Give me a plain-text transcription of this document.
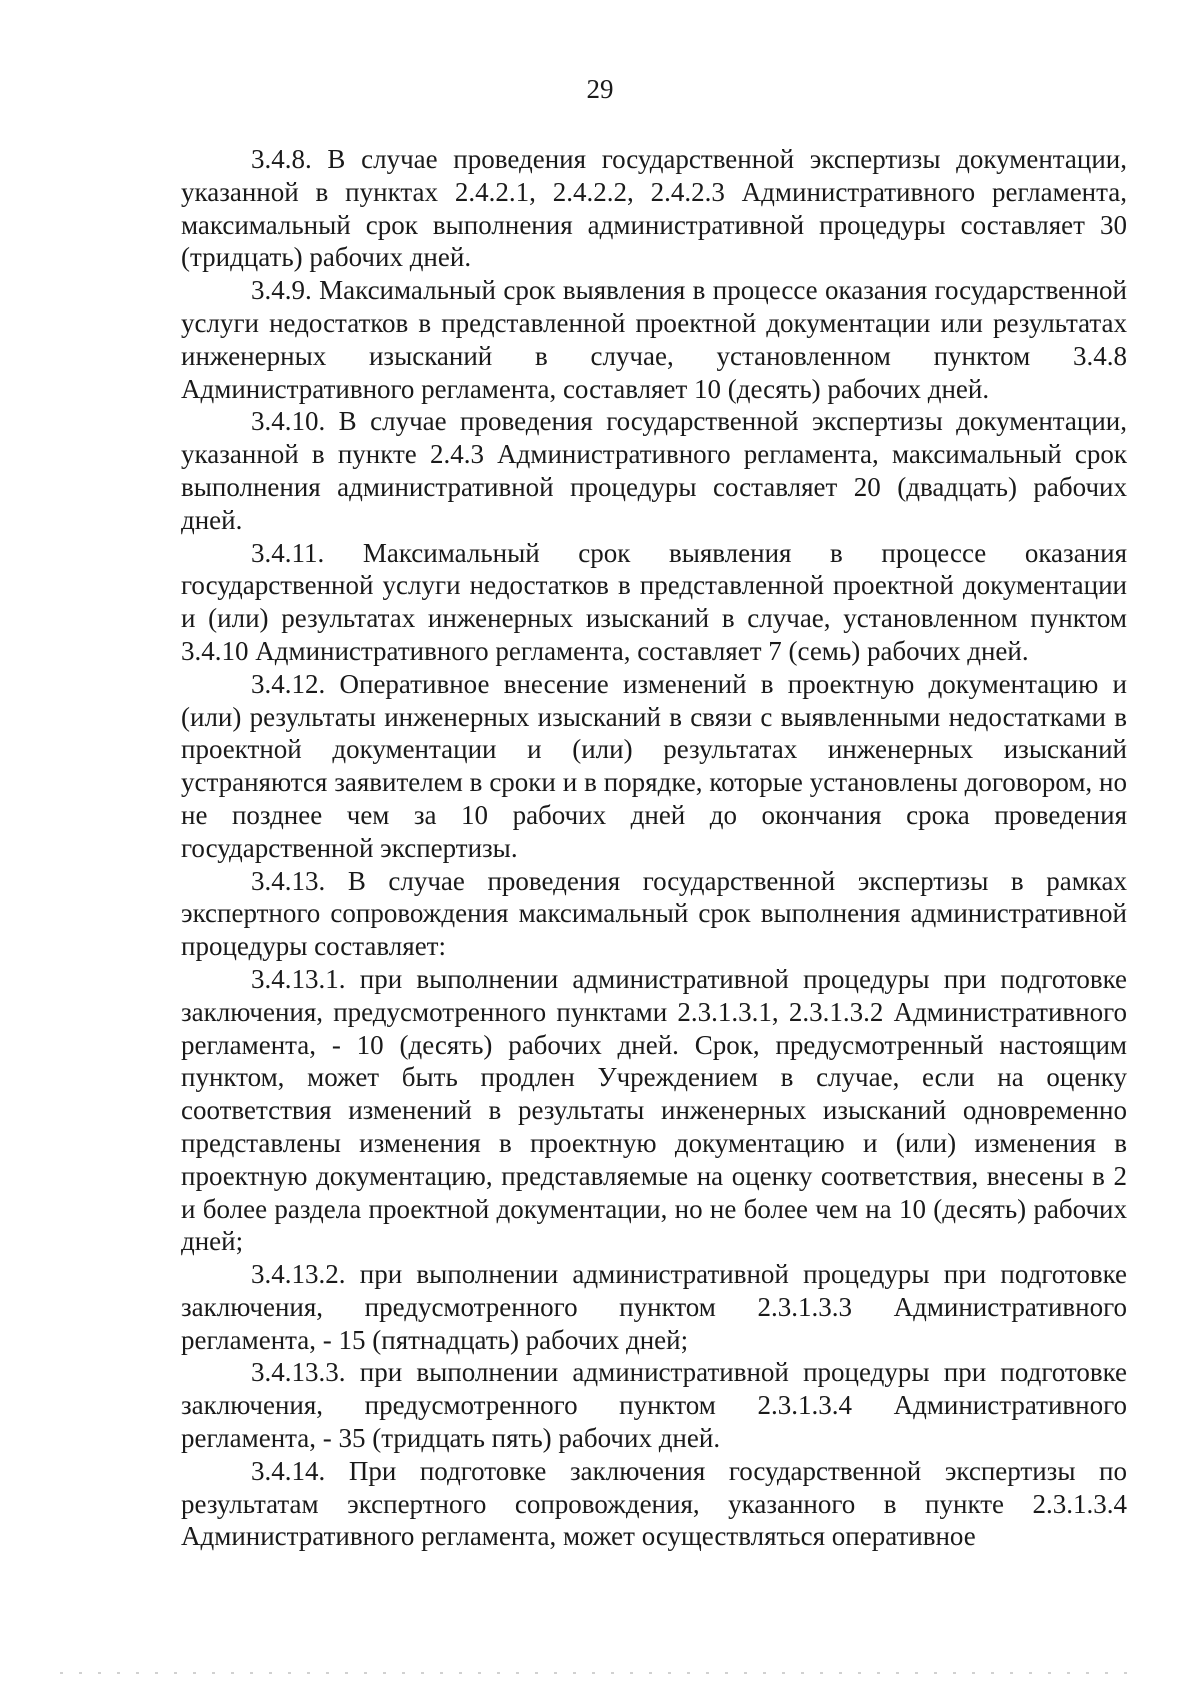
29

3.4.8. В случае проведения государственной экспертизы документации, указанной в пунктах 2.4.2.1, 2.4.2.2, 2.4.2.3 Административного регламента, максимальный срок выполнения административной процедуры составляет 30 (тридцать) рабочих дней.

3.4.9. Максимальный срок выявления в процессе оказания государственной услуги недостатков в представленной проектной документации или результатах инженерных изысканий в случае, установленном пунктом 3.4.8 Административного регламента, составляет 10 (десять) рабочих дней.

3.4.10. В случае проведения государственной экспертизы документации, указанной в пункте 2.4.3 Административного регламента, максимальный срок выполнения административной процедуры составляет 20 (двадцать) рабочих дней.

3.4.11. Максимальный срок выявления в процессе оказания государственной услуги недостатков в представленной проектной документации и (или) результатах инженерных изысканий в случае, установленном пунктом 3.4.10 Административного регламента, составляет 7 (семь) рабочих дней.

3.4.12. Оперативное внесение изменений в проектную документацию и (или) результаты инженерных изысканий в связи с выявленными недостатками в проектной документации и (или) результатах инженерных изысканий устраняются заявителем в сроки и в порядке, которые установлены договором, но не позднее чем за 10 рабочих дней до окончания срока проведения государственной экспертизы.

3.4.13. В случае проведения государственной экспертизы в рамках экспертного сопровождения максимальный срок выполнения административной процедуры составляет:

3.4.13.1. при выполнении административной процедуры при подготовке заключения, предусмотренного пунктами 2.3.1.3.1, 2.3.1.3.2 Административного регламента, - 10 (десять) рабочих дней. Срок, предусмотренный настоящим пунктом, может быть продлен Учреждением в случае, если на оценку соответствия изменений в результаты инженерных изысканий одновременно представлены изменения в проектную документацию и (или) изменения в проектную документацию, представляемые на оценку соответствия, внесены в 2 и более раздела проектной документации, но не более чем на 10 (десять) рабочих дней;

3.4.13.2. при выполнении административной процедуры при подготовке заключения, предусмотренного пунктом 2.3.1.3.3 Административного регламента, - 15 (пятнадцать) рабочих дней;

3.4.13.3. при выполнении административной процедуры при подготовке заключения, предусмотренного пунктом 2.3.1.3.4 Административного регламента, - 35 (тридцать пять) рабочих дней.

3.4.14. При подготовке заключения государственной экспертизы по результатам экспертного сопровождения, указанного в пункте 2.3.1.3.4 Административного регламента, может осуществляться оперативное
